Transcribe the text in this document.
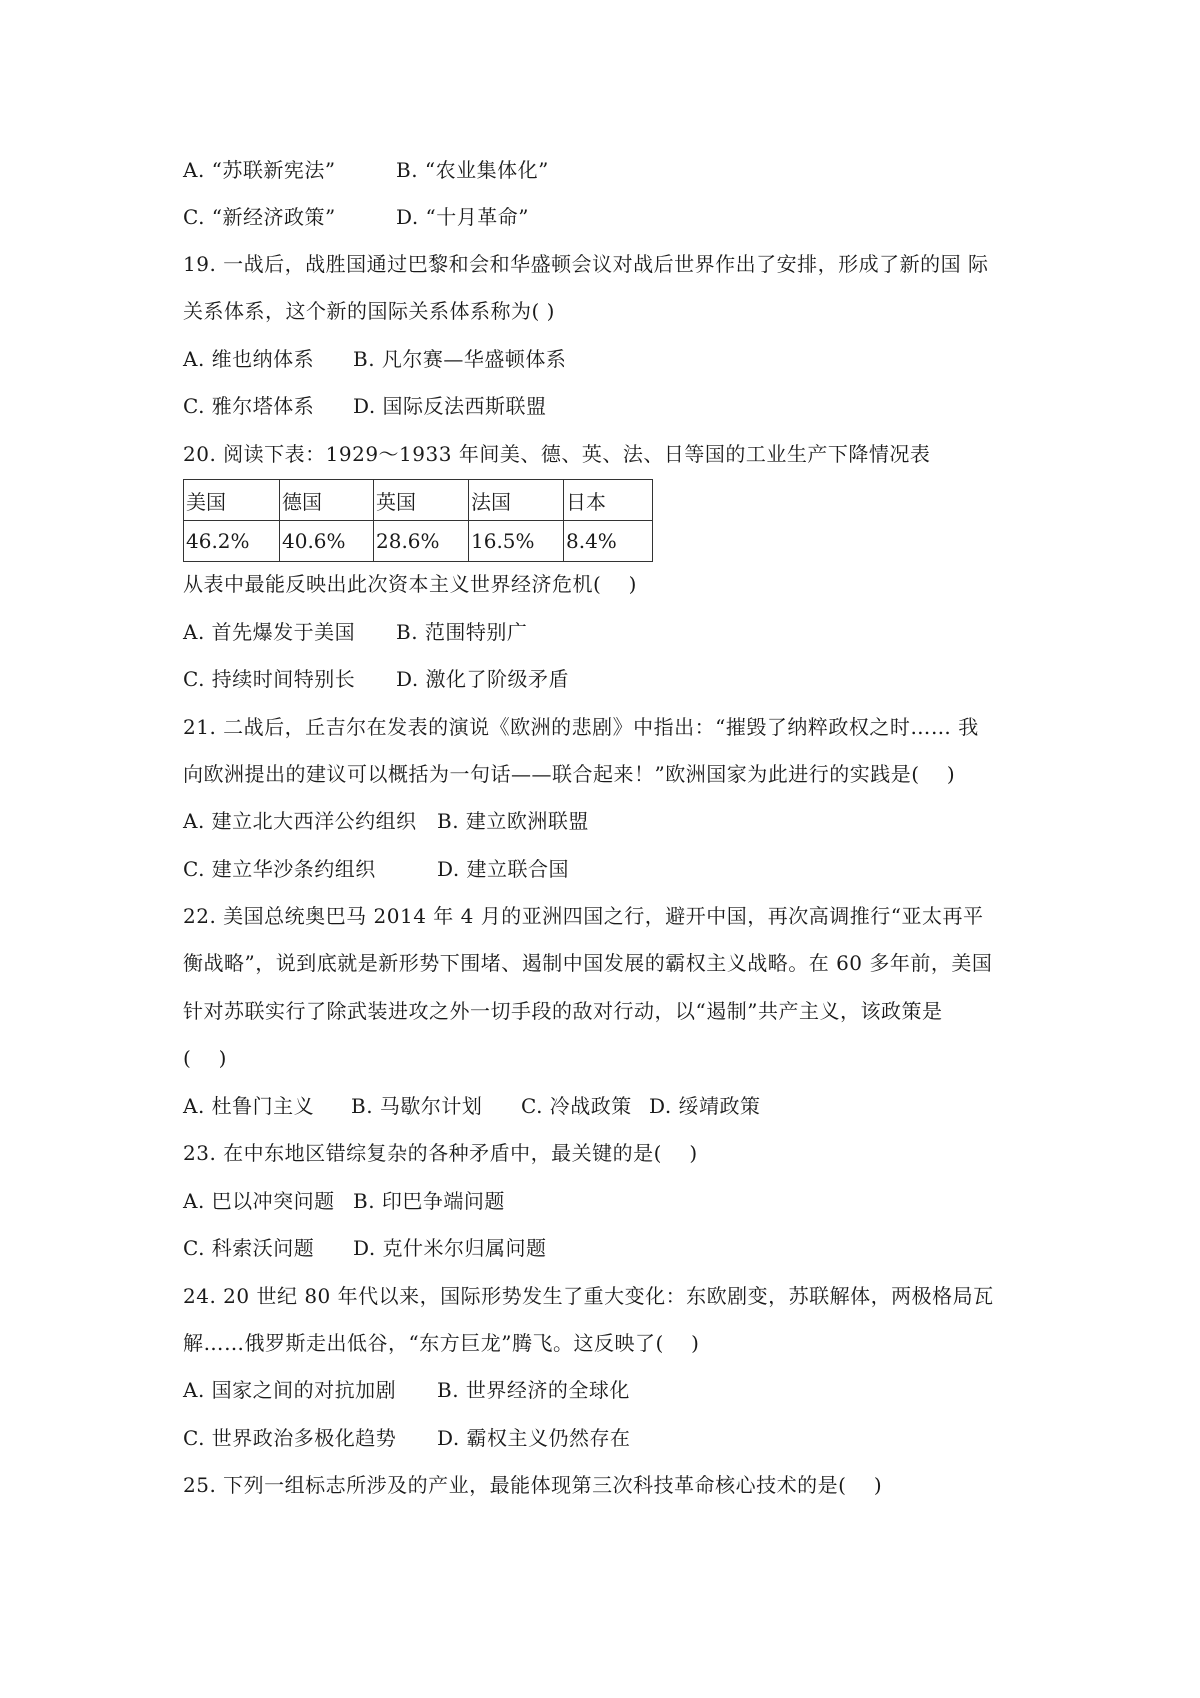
A. “苏联新宪法”	B. “农业集体化”
C. “新经济政策”	D. “十月革命”
19. 一战后，战胜国通过巴黎和会和华盛顿会议对战后世界作出了安排，形成了新的国 际
关系体系，这个新的国际关系体系称为( )
A. 维也纳体系 B. 凡尔赛—华盛顿体系
C. 雅尔塔体系 D. 国际反法西斯联盟
20. 阅读下表：1929～1933 年间美、德、英、法、日等国的工业生产下降情况表
美国	德国	英国	法国	日本
46.2%	40.6%	28.6%	16.5%	8.4%
从表中最能反映出此次资本主义世界经济危机(　 )
A. 首先爆发于美国 B. 范围特别广
C. 持续时间特别长 D. 激化了阶级矛盾
21. 二战后，丘吉尔在发表的演说《欧洲的悲剧》中指出：“摧毁了纳粹政权之时…… 我
向欧洲提出的建议可以概括为一句话——联合起来！”欧洲国家为此进行的实践是(　 )
A. 建立北大西洋公约组织 B. 建立欧洲联盟
C. 建立华沙条约组织	D. 建立联合国
22. 美国总统奥巴马 2014 年 4 月的亚洲四国之行，避开中国，再次高调推行“亚太再平
衡战略”，说到底就是新形势下围堵、遏制中国发展的霸权主义战略。在 60 多年前，美国
针对苏联实行了除武装进攻之外一切手段的敌对行动，以“遏制”共产主义，该政策是
(　 )
A. 杜鲁门主义 B. 马歇尔计划 C. 冷战政策 D. 绥靖政策
23. 在中东地区错综复杂的各种矛盾中，最关键的是(　 )
A. 巴以冲突问题 B. 印巴争端问题
C. 科索沃问题 D. 克什米尔归属问题
24. 20 世纪 80 年代以来，国际形势发生了重大变化：东欧剧变，苏联解体，两极格局瓦
解……俄罗斯走出低谷，“东方巨龙”腾飞。这反映了(　 )
A. 国家之间的对抗加剧 B. 世界经济的全球化
C. 世界政治多极化趋势 D. 霸权主义仍然存在
25. 下列一组标志所涉及的产业，最能体现第三次科技革命核心技术的是(　 )
